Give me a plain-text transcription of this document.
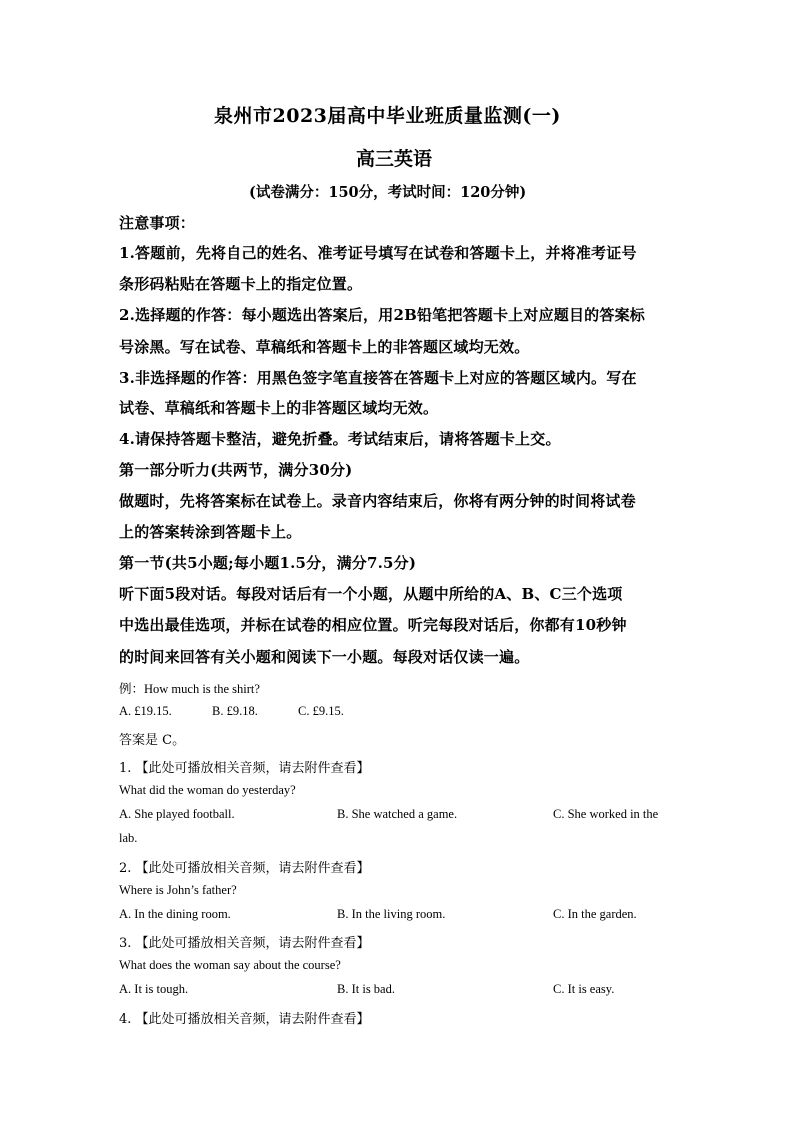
泉州市2023届高中毕业班质量监测(一)
高三英语
(试卷满分：150分，考试时间：120分钟)
注意事项：
1.答题前，先将自己的姓名、准考证号填写在试卷和答题卡上，并将准考证号
条形码粘贴在答题卡上的指定位置。
2.选择题的作答：每小题选出答案后，用2B铅笔把答题卡上对应题目的答案标
号涂黑。写在试卷、草稿纸和答题卡上的非答题区域均无效。
3.非选择题的作答：用黑色签字笔直接答在答题卡上对应的答题区域内。写在
试卷、草稿纸和答题卡上的非答题区域均无效。
4.请保持答题卡整洁，避免折叠。考试结束后，请将答题卡上交。
第一部分听力(共两节，满分30分)
做题时，先将答案标在试卷上。录音内容结束后，你将有两分钟的时间将试卷
上的答案转涂到答题卡上。
第一节(共5小题;每小题1.5分，满分7.5分)
听下面5段对话。每段对话后有一个小题，从题中所给的A、B、C三个选项
中选出最佳选项，并标在试卷的相应位置。听完每段对话后，你都有10秒钟
的时间来回答有关小题和阅读下一小题。每段对话仅读一遍。
例：How much is the shirt?
A. £19.15.	B. £9.18.	C. £9.15.
答案是 C。
1. 【此处可播放相关音频，请去附件查看】
What did the woman do yesterday?
A. She played football.	B. She watched a game.	C. She worked in the
lab.
2. 【此处可播放相关音频，请去附件查看】
Where is John’s father?
A. In the dining room.	B. In the living room.	C. In the garden.
3. 【此处可播放相关音频，请去附件查看】
What does the woman say about the course?
A. It is tough.	B. It is bad.	C. It is easy.
4. 【此处可播放相关音频，请去附件查看】
